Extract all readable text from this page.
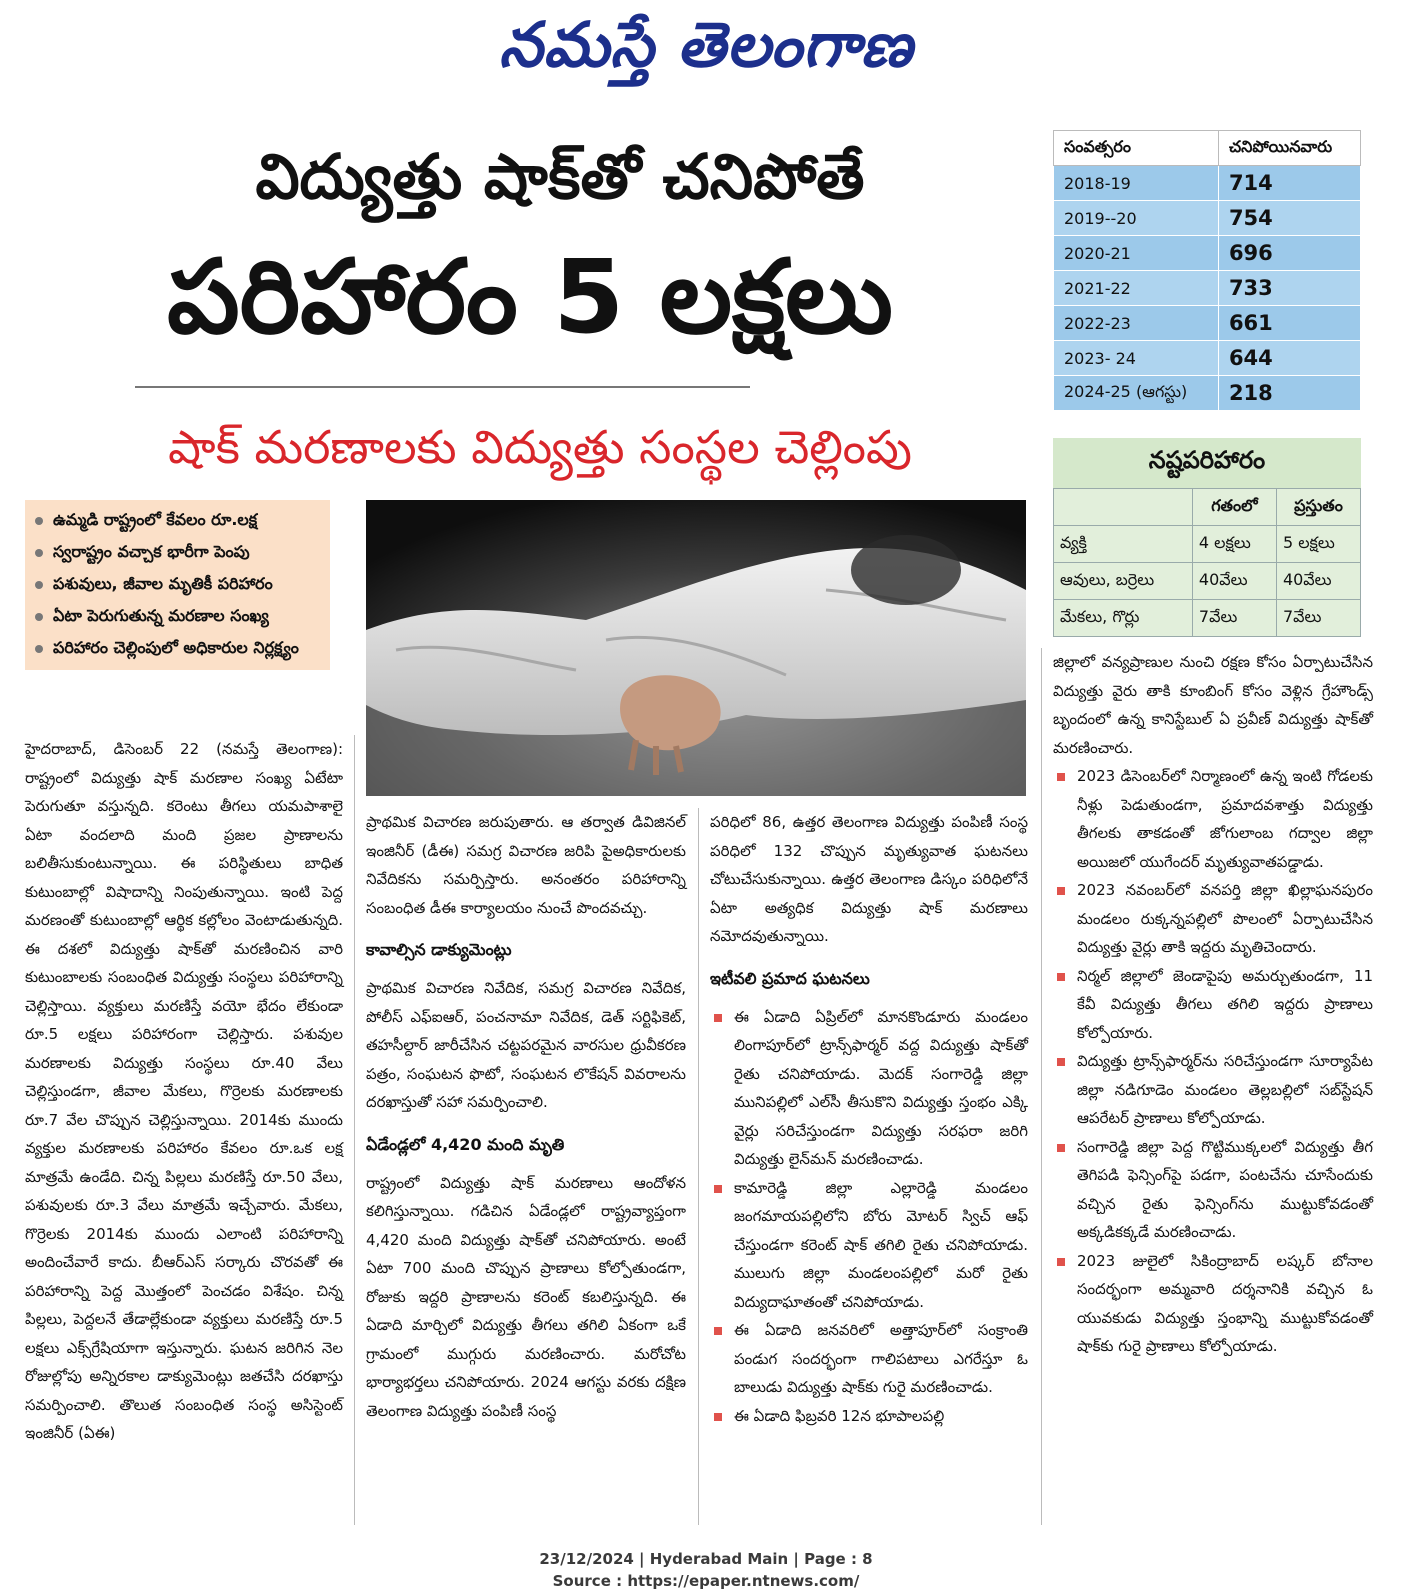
నమస్తే తెలంగాణ
విద్యుత్తు షాక్‌తో చనిపోతే
పరిహారం 5 లక్షలు
షాక్ మరణాలకు విద్యుత్తు సంస్థల చెల్లింపు
సంవత్సరం	చనిపోయినవారు
2018-19	714
2019--20	754
2020-21	696
2021-22	733
2022-23	661
2023- 24	644
2024-25 (ఆగస్టు)	218
నష్టపరిహారం
	గతంలో	ప్రస్తుతం
వ్యక్తి	4 లక్షలు	5 లక్షలు
ఆవులు, బర్రెలు	40వేలు	40వేలు
మేకలు, గొర్లు	7వేలు	7వేలు
ఉమ్మడి రాష్ట్రంలో కేవలం రూ.లక్ష
స్వరాష్ట్రం వచ్చాక భారీగా పెంపు
పశువులు, జీవాల మృతికీ పరిహారం
ఏటా పెరుగుతున్న మరణాల సంఖ్య
పరిహారం చెల్లింపులో అధికారుల నిర్లక్ష్యం

హైదరాబాద్, డిసెంబర్ 22 (నమస్తే తెలంగాణ): రాష్ట్రంలో విద్యుత్తు షాక్ మరణాల సంఖ్య ఏటేటా పెరుగుతూ వస్తున్నది. కరెంటు తీగలు యమపాశాలై ఏటా వందలాది మంది ప్రజల ప్రాణాలను బలితీసుకుంటున్నాయి. ఈ పరిస్థితులు బాధిత కుటుంబాల్లో విషాదాన్ని నింపుతున్నాయి. ఇంటి పెద్ద మరణంతో కుటుంబాల్లో ఆర్థిక కల్లోలం వెంటాడుతున్నది. ఈ దశలో విద్యుత్తు షాక్‌తో మరణించిన వారి కుటుంబాలకు సంబంధిత విద్యుత్తు సంస్థలు పరిహారాన్ని చెల్లిస్తాయి. వ్యక్తులు మరణిస్తే వయో భేదం లేకుండా రూ.5 లక్షలు పరిహారంగా చెల్లిస్తారు. పశువుల మరణాలకు విద్యుత్తు సంస్థలు రూ.40 వేలు చెల్లిస్తుండగా, జీవాల మేకలు, గొర్రెలకు మరణాలకు రూ.7 వేల చొప్పున చెల్లిస్తున్నాయి. 2014కు ముందు వ్యక్తుల మరణాలకు పరిహారం కేవలం రూ.ఒక లక్ష మాత్రమే ఉండేది. చిన్న పిల్లలు మరణిస్తే రూ.50 వేలు, పశువులకు రూ.3 వేలు మాత్రమే ఇచ్చేవారు. మేకలు, గొర్రెలకు 2014కు ముందు ఎలాంటి పరిహారాన్ని అందించేవారే కాదు. బీఆర్‌ఎస్ సర్కారు చొరవతో ఈ పరిహారాన్ని పెద్ద మొత్తంలో పెంచడం విశేషం. చిన్న పిల్లలు, పెద్దలనే తేడాల్లేకుండా వ్యక్తులు మరణిస్తే రూ.5 లక్షలు ఎక్స్‌గ్రేషియాగా ఇస్తున్నారు. ఘటన జరిగిన నెల రోజుల్లోపు అన్నిరకాల డాక్యుమెంట్లు జతచేసి దరఖాస్తు సమర్పించాలి. తొలుత సంబంధిత సంస్థ అసిస్టెంట్ ఇంజినీర్ (ఏఈ)

ప్రాథమిక విచారణ జరుపుతారు. ఆ తర్వాత డివిజినల్ ఇంజినీర్ (డీఈ) సమగ్ర విచారణ జరిపి పైఅధికారులకు నివేదికను సమర్పిస్తారు. అనంతరం పరిహారాన్ని సంబంధిత డీఈ కార్యాలయం నుంచే పొందవచ్చు.

కావాల్సిన డాక్యుమెంట్లు

ప్రాథమిక విచారణ నివేదిక, సమగ్ర విచారణ నివేదిక, పోలీస్ ఎఫ్‌ఐఆర్, పంచనామా నివేదిక, డెత్ సర్టిఫికెట్, తహసీల్దార్ జారీచేసిన చట్టపరమైన వారసుల ధ్రువీకరణ పత్రం, సంఘటన ఫొటో, సంఘటన లొకేషన్ వివరాలను దరఖాస్తుతో సహా సమర్పించాలి.

ఏడేండ్లలో 4,420 మంది మృతి

రాష్ట్రంలో విద్యుత్తు షాక్ మరణాలు ఆందోళన కలిగిస్తున్నాయి. గడిచిన ఏడేండ్లలో రాష్ట్రవ్యాప్తంగా 4,420 మంది విద్యుత్తు షాక్‌తో చనిపోయారు. అంటే ఏటా 700 మంది చొప్పున ప్రాణాలు కోల్పోతుండగా, రోజుకు ఇద్దరి ప్రాణాలను కరెంట్ కబలిస్తున్నది. ఈ ఏడాది మార్చిలో విద్యుత్తు తీగలు తగిలి ఏకంగా ఒకే గ్రామంలో ముగ్గురు మరణించారు. మరోచోట భార్యాభర్తలు చనిపోయారు. 2024 ఆగస్టు వరకు దక్షిణ తెలంగాణ విద్యుత్తు పంపిణీ సంస్థ

పరిధిలో 86, ఉత్తర తెలంగాణ విద్యుత్తు పంపిణీ సంస్థ పరిధిలో 132 చొప్పున మృత్యువాత ఘటనలు చోటుచేసుకున్నాయి. ఉత్తర తెలంగాణ డిస్కం పరిధిలోనే ఏటా అత్యధిక విద్యుత్తు షాక్ మరణాలు నమోదవుతున్నాయి.

ఇటీవలి ప్రమాద ఘటనలు

ఈ ఏడాది ఏప్రిల్‌లో మానకొండూరు మండలం లింగాపూర్‌లో ట్రాన్స్‌ఫార్మర్ వద్ద విద్యుత్తు షాక్‌తో రైతు చనిపోయాడు. మెదక్ సంగారెడ్డి జిల్లా మునిపల్లిలో ఎల్‌సీ తీసుకొని విద్యుత్తు స్తంభం ఎక్కి వైర్లు సరిచేస్తుండగా విద్యుత్తు సరఫరా జరిగి విద్యుత్తు లైన్‌మన్ మరణించాడు.

కామారెడ్డి జిల్లా ఎల్లారెడ్డి మండలం జంగమాయపల్లిలోని బోరు మోటర్ స్విచ్ ఆఫ్ చేస్తుండగా కరెంట్ షాక్ తగిలి రైతు చనిపోయాడు. ములుగు జిల్లా మండలంపల్లిలో మరో రైతు విద్యుదాఘాతంతో చనిపోయాడు.

ఈ ఏడాది జనవరిలో అత్తాపూర్‌లో సంక్రాంతి పండుగ సందర్భంగా గాలిపటాలు ఎగరేస్తూ ఓ బాలుడు విద్యుత్తు షాక్‌కు గురై మరణించాడు.

ఈ ఏడాది ఫిబ్రవరి 12న భూపాలపల్లి

జిల్లాలో వన్యప్రాణుల నుంచి రక్షణ కోసం ఏర్పాటుచేసిన విద్యుత్తు వైరు తాకి కూంబింగ్ కోసం వెళ్లిన గ్రేహౌండ్స్ బృందంలో ఉన్న కానిస్టేబుల్ ఏ ప్రవీణ్ విద్యుత్తు షాక్‌తో మరణించారు.

2023 డిసెంబర్‌లో నిర్మాణంలో ఉన్న ఇంటి గోడలకు నీళ్లు పెడుతుండగా, ప్రమాదవశాత్తు విద్యుత్తు తీగలకు తాకడంతో జోగులాంబ గద్వాల జిల్లా అయిజలో యుగేందర్ మృత్యువాతపడ్డాడు.

2023 నవంబర్‌లో వనపర్తి జిల్లా ఖిల్లాఘనపురం మండలం రుక్కన్నపల్లిలో పొలంలో ఏర్పాటుచేసిన విద్యుత్తు వైర్లు తాకి ఇద్దరు మృతిచెందారు.

నిర్మల్ జిల్లాలో జెండాపైపు అమర్చుతుండగా, 11 కేవీ విద్యుత్తు తీగలు తగిలి ఇద్దరు ప్రాణాలు కోల్పోయారు.

విద్యుత్తు ట్రాన్స్‌ఫార్మర్‌ను సరిచేస్తుండగా సూర్యాపేట జిల్లా నడిగూడెం మండలం తెల్లబల్లిలో సబ్‌స్టేషన్ ఆపరేటర్ ప్రాణాలు కోల్పోయాడు.

సంగారెడ్డి జిల్లా పెద్ద గొట్టిముక్కలలో విద్యుత్తు తీగ తెగిపడి ఫెన్సింగ్‌పై పడగా, పంటచేను చూసేందుకు వచ్చిన రైతు ఫెన్సింగ్‌ను ముట్టుకోవడంతో అక్కడికక్కడే మరణించాడు.

2023 జులైలో సికింద్రాబాద్ లష్కర్ బోనాల సందర్భంగా అమ్మవారి దర్శనానికి వచ్చిన ఓ యువకుడు విద్యుత్తు స్తంభాన్ని ముట్టుకోవడంతో షాక్‌కు గురై ప్రాణాలు కోల్పోయాడు.

23/12/2024 | Hyderabad Main | Page : 8
Source : https://epaper.ntnews.com/
